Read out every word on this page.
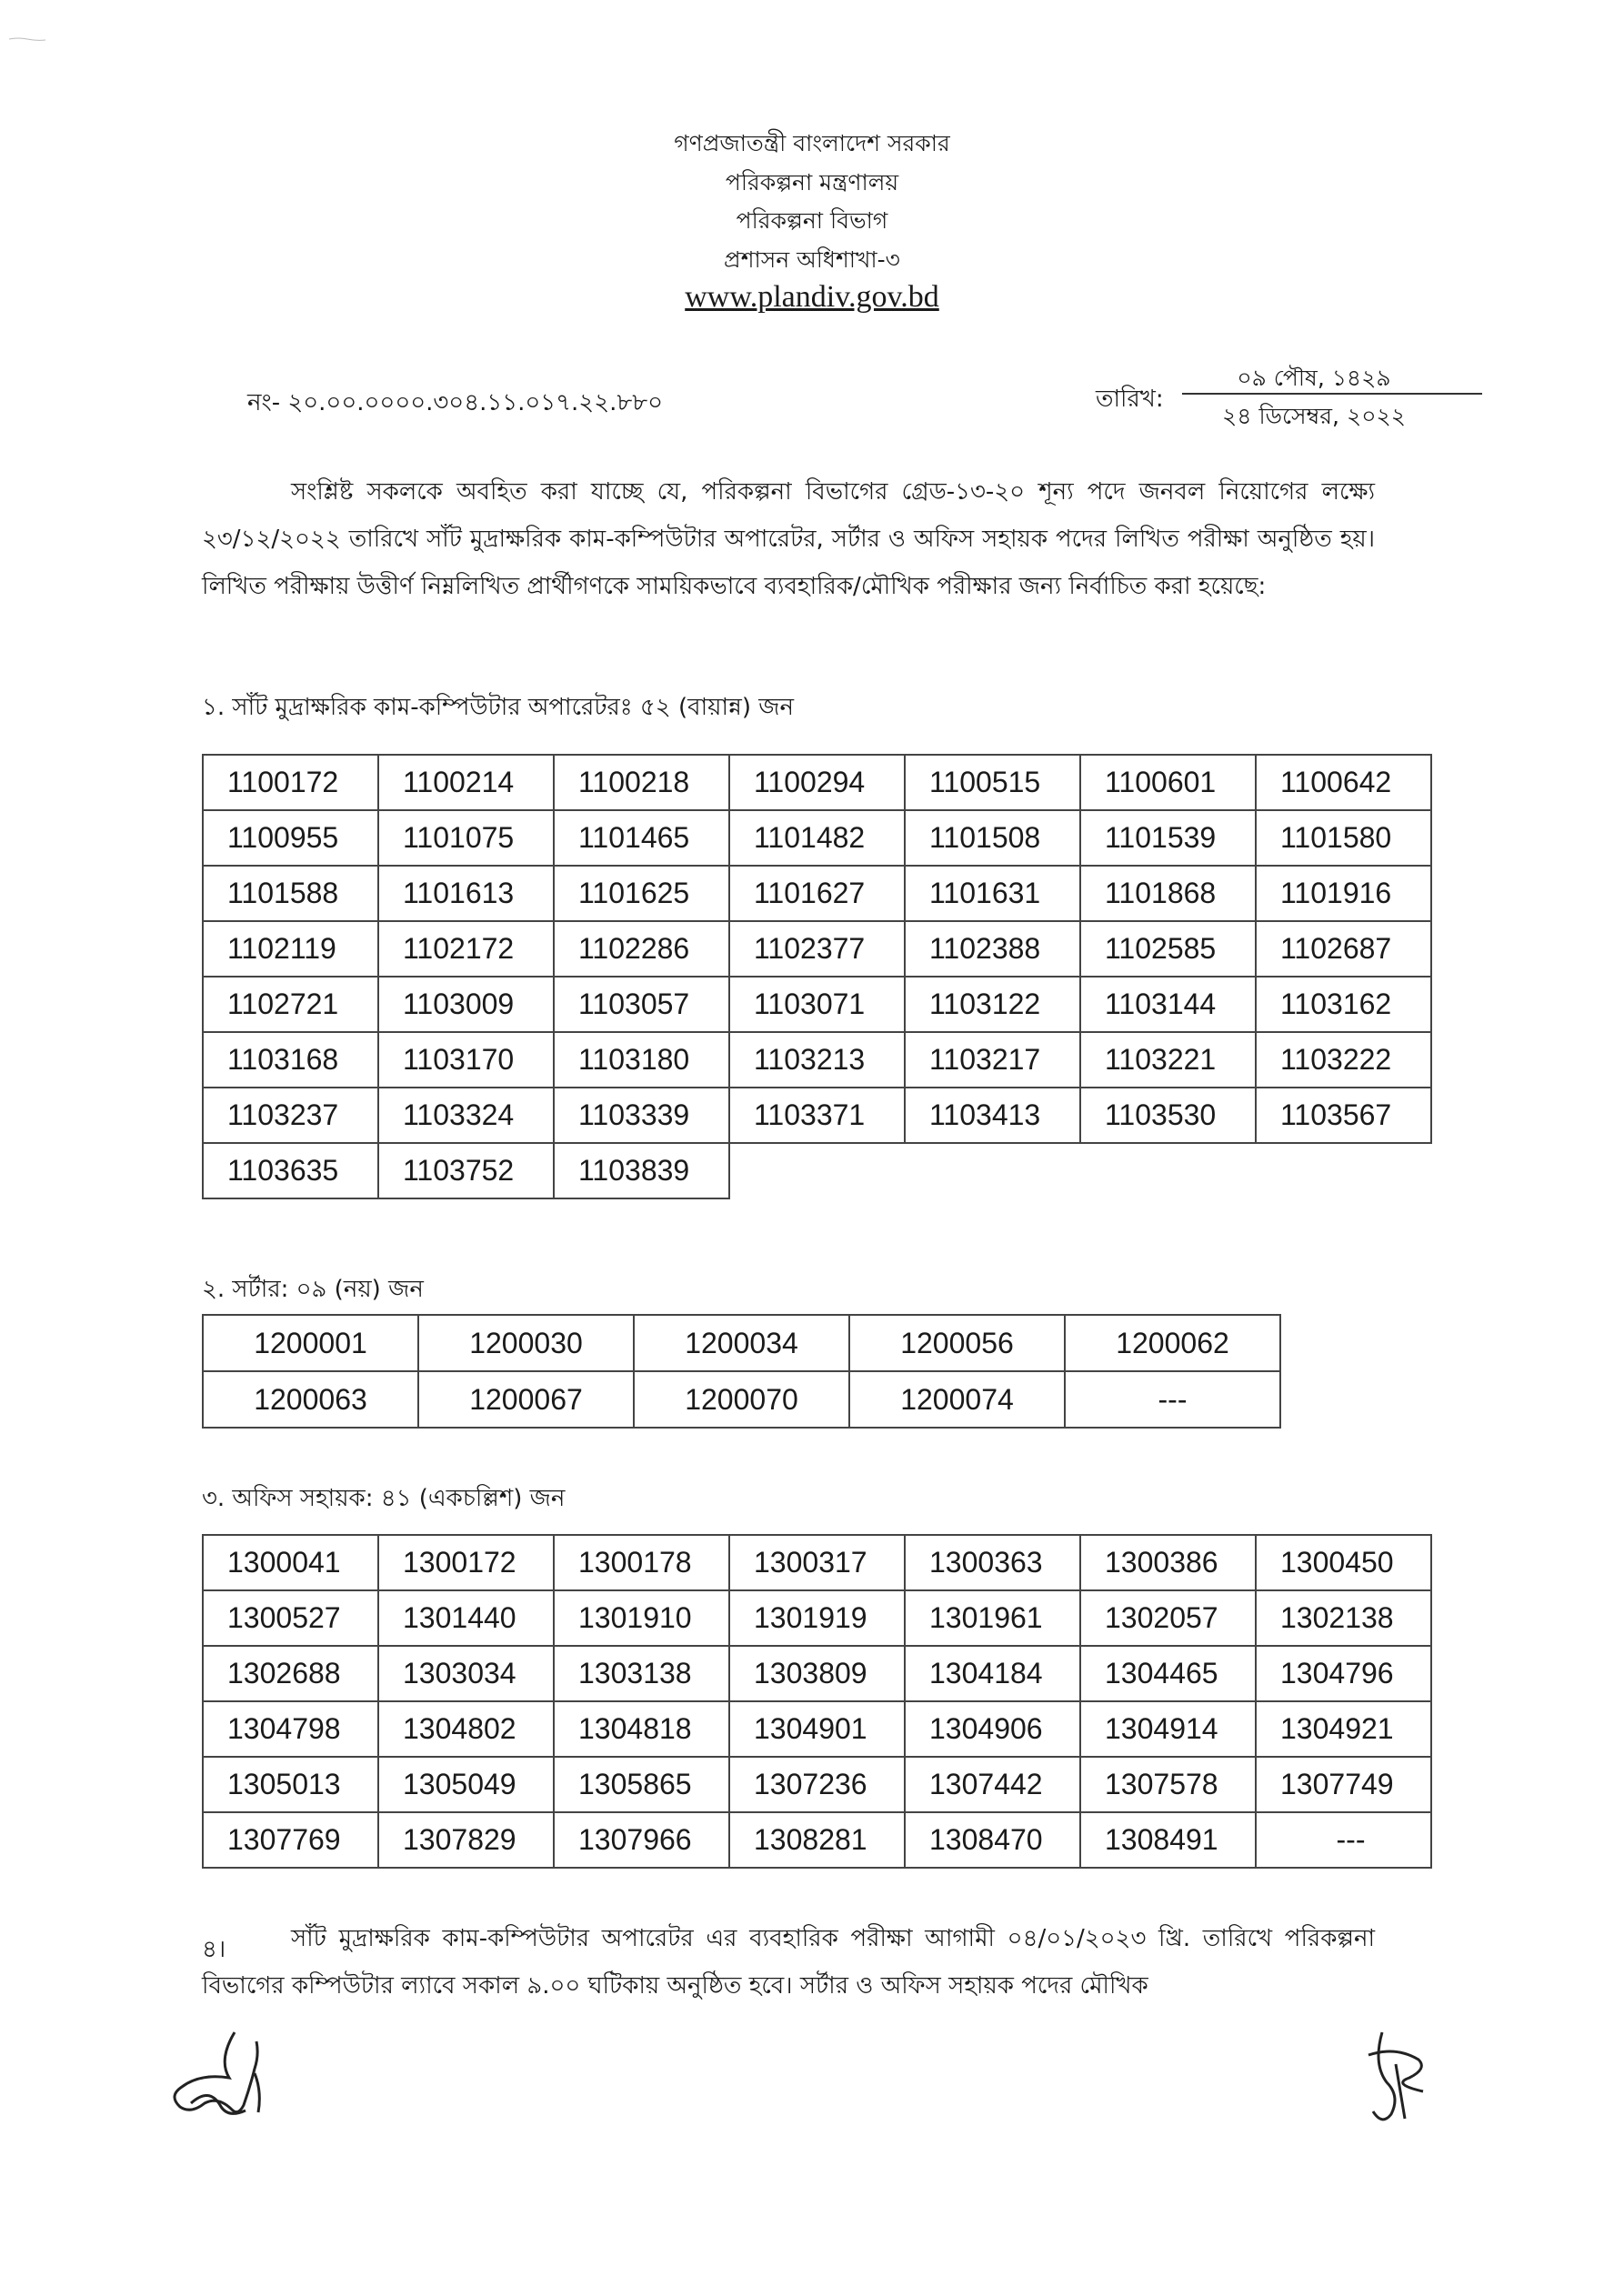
গণপ্রজাতন্ত্রী বাংলাদেশ সরকার
পরিকল্পনা মন্ত্রণালয়
পরিকল্পনা বিভাগ
প্রশাসন অধিশাখা-৩
www.plandiv.gov.bd
নং- ২০.০০.০০০০.৩০৪.১১.০১৭.২২.৮৮০	তারিখ:
০৯ পৌষ, ১৪২৯
২৪ ডিসেম্বর, ২০২২

সংশ্লিষ্ট সকলকে অবহিত করা যাচ্ছে যে, পরিকল্পনা বিভাগের গ্রেড-১৩-২০ শূন্য পদে জনবল নিয়োগের লক্ষ্যে ২৩/১২/২০২২ তারিখে সাঁট মুদ্রাক্ষরিক কাম-কম্পিউটার অপারেটর, সর্টার ও অফিস সহায়ক পদের লিখিত পরীক্ষা অনুষ্ঠিত হয়। লিখিত পরীক্ষায় উত্তীর্ণ নিম্নলিখিত প্রার্থীগণকে সাময়িকভাবে ব্যবহারিক/মৌখিক পরীক্ষার জন্য নির্বাচিত করা হয়েছে:

১. সাঁট মুদ্রাক্ষরিক কাম-কম্পিউটার অপারেটরঃ ৫২ (বায়ান্ন) জন
1100172	1100214	1100218	1100294	1100515	1100601	1100642
1100955	1101075	1101465	1101482	1101508	1101539	1101580
1101588	1101613	1101625	1101627	1101631	1101868	1101916
1102119	1102172	1102286	1102377	1102388	1102585	1102687
1102721	1103009	1103057	1103071	1103122	1103144	1103162
1103168	1103170	1103180	1103213	1103217	1103221	1103222
1103237	1103324	1103339	1103371	1103413	1103530	1103567
1103635	1103752	1103839				
২. সর্টার: ০৯ (নয়) জন
1200001	1200030	1200034	1200056	1200062
1200063	1200067	1200070	1200074	---
৩. অফিস সহায়ক: ৪১ (একচল্লিশ) জন
1300041	1300172	1300178	1300317	1300363	1300386	1300450
1300527	1301440	1301910	1301919	1301961	1302057	1302138
1302688	1303034	1303138	1303809	1304184	1304465	1304796
1304798	1304802	1304818	1304901	1304906	1304914	1304921
1305013	1305049	1305865	1307236	1307442	1307578	1307749
1307769	1307829	1307966	1308281	1308470	1308491	---
৪।	সাঁট মুদ্রাক্ষরিক কাম-কম্পিউটার অপারেটর এর ব্যবহারিক পরীক্ষা আগামী ০৪/০১/২০২৩ খ্রি. তারিখে পরিকল্পনা বিভাগের কম্পিউটার ল্যাবে সকাল ৯.০০ ঘটিকায় অনুষ্ঠিত হবে। সর্টার ও অফিস সহায়ক পদের মৌখিক
